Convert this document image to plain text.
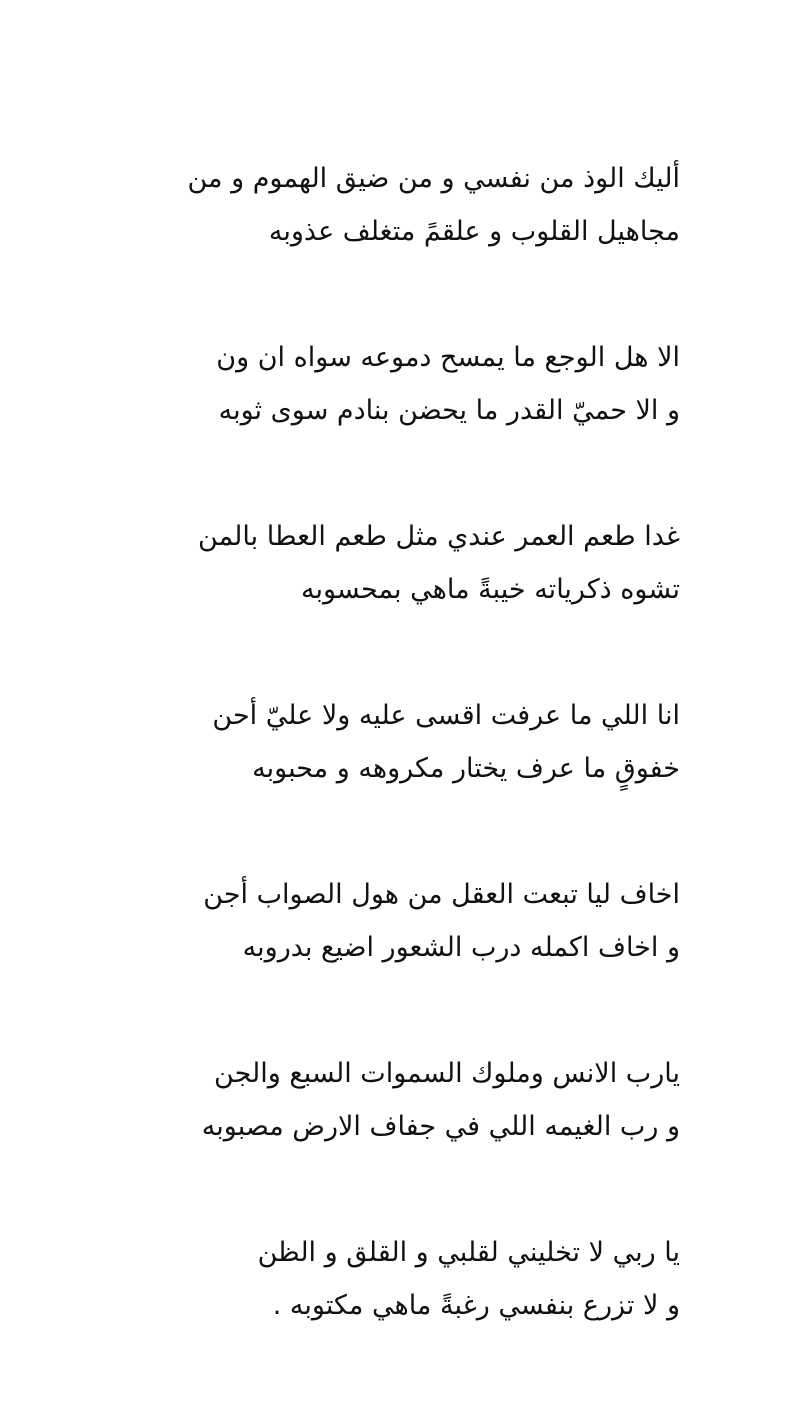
أليك الوذ من نفسي و من ضيق الهموم و من
مجاهيل القلوب و علقمً متغلف عذوبه
الا هل الوجع ما يمسح دموعه سواه ان ون
و الا حميّ القدر ما يحضن بنادم سوى ثوبه
غدا طعم العمر عندي مثل طعم العطا بالمن
تشوه ذكرياته خيبةً ماهي بمحسوبه
انا اللي ما عرفت اقسى عليه ولا عليّ أحن
خفوقٍ ما عرف يختار مكروهه و محبوبه
اخاف ليا تبعت العقل من هول الصواب أجن
و اخاف اكمله درب الشعور اضيع بدروبه
يارب الانس وملوك السموات السبع والجن
و رب الغيمه اللي في جفاف الارض مصبوبه
يا ربي لا تخليني لقلبي و القلق و الظن
و لا تزرع بنفسي رغبةً ماهي مكتوبه .
